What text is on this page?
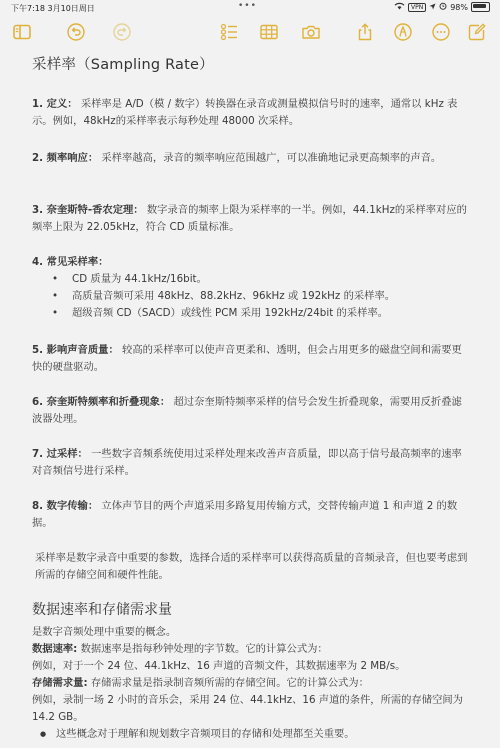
下午7:18 3月10日周日	•••	VPN	98%
采样率（Sampling Rate）

1. 定义： 采样率是 A/D（模 / 数字）转换器在录音或测量模拟信号时的速率，通常以 kHz 表示。例如，48kHz的采样率表示每秒处理 48000 次采样。

2. 频率响应： 采样率越高，录音的频率响应范围越广，可以准确地记录更高频率的声音。

3. 奈奎斯特-香农定理： 数字录音的频率上限为采样率的一半。例如，44.1kHz的采样率对应的频率上限为 22.05kHz，符合 CD 质量标准。

4. 常见采样率：

• CD 质量为 44.1kHz/16bit。
• 高质量音频可采用 48kHz、88.2kHz、96kHz 或 192kHz 的采样率。
• 超级音频 CD（SACD）或线性 PCM 采用 192kHz/24bit 的采样率。

5. 影响声音质量： 较高的采样率可以使声音更柔和、透明，但会占用更多的磁盘空间和需要更快的硬盘驱动。

6. 奈奎斯特频率和折叠现象： 超过奈奎斯特频率采样的信号会发生折叠现象，需要用反折叠滤波器处理。

7. 过采样： 一些数字音频系统使用过采样处理来改善声音质量，即以高于信号最高频率的速率对音频信号进行采样。

8. 数字传输： 立体声节目的两个声道采用多路复用传输方式，交替传输声道 1 和声道 2 的数据。

采样率是数字录音中重要的参数，选择合适的采样率可以获得高质量的音频录音，但也要考虑到所需的存储空间和硬件性能。

数据速率和存储需求量

是数字音频处理中重要的概念。

数据速率: 数据速率是指每秒钟处理的字节数。它的计算公式为：

例如，对于一个 24 位、44.1kHz、16 声道的音频文件，其数据速率为 2 MB/s。

存储需求量: 存储需求量是指录制音频所需的存储空间。它的计算公式为：

例如，录制一场 2 小时的音乐会，采用 24 位、44.1kHz、16 声道的条件，所需的存储空间为 14.2 GB。

● 这些概念对于理解和规划数字音频项目的存储和处理都至关重要。
